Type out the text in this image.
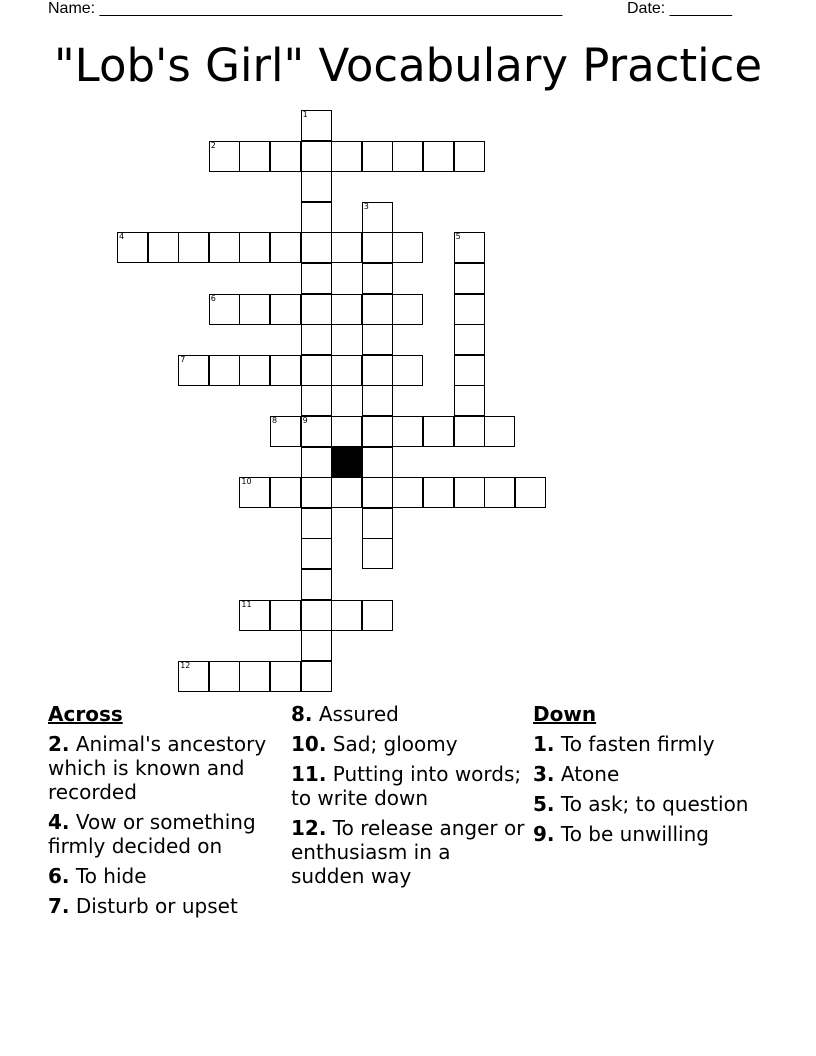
Name: ____________________________________________________	Date: _______
"Lob's Girl" Vocabulary Practice
2
4
6
7
8	9
10
11
12
1
3
5
Across
2. Animal's ancestory which is known and recorded
4. Vow or something firmly decided on
6. To hide
7. Disturb or upset
8. Assured
10. Sad; gloomy
11. Putting into words; to write down
12. To release anger or enthusiasm in a sudden way
Down
1. To fasten firmly
3. Atone
5. To ask; to question
9. To be unwilling
